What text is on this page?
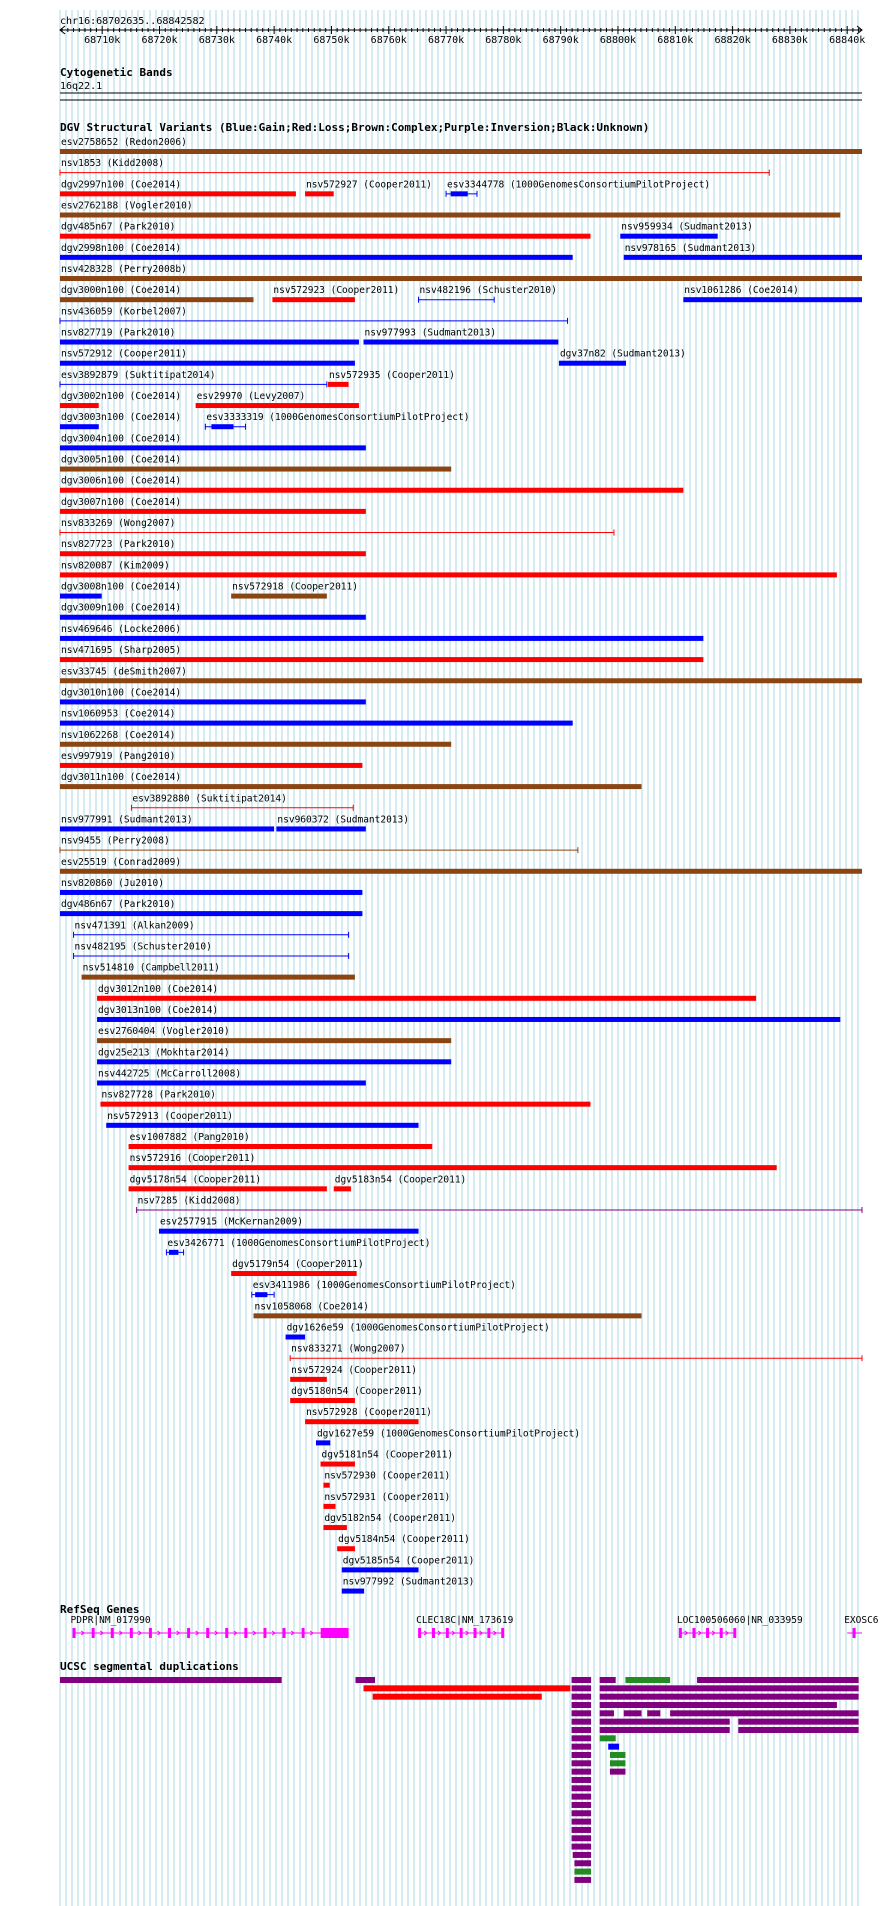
chr16:68702635..68842582
68710k 68720k 68730k 68740k 68750k 68760k 68770k 68780k 68790k 68800k 68810k 68820k 68830k 68840k
Cytogenetic Bands
16q22.1
DGV Structural Variants (Blue:Gain;Red:Loss;Brown:Complex;Purple:Inversion;Black:Unknown)
esv2758652 (Redon2006)
nsv1853 (Kidd2008)
dgv2997n100 (Coe2014)	nsv572927 (Cooper2011) esv3344778 (1000GenomesConsortiumPilotProject)
esv2762188 (Vogler2010)
dgv485n67 (Park2010)	nsv959934 (Sudmant2013)
dgv2998n100 (Coe2014)	nsv978165 (Sudmant2013)
nsv428328 (Perry2008b)
dgv3000n100 (Coe2014)	nsv572923 (Cooper2011) nsv482196 (Schuster2010)	nsv1061286 (Coe2014)
nsv436059 (Korbel2007)
nsv827719 (Park2010)	nsv977993 (Sudmant2013)
nsv572912 (Cooper2011)	dgv37n82 (Sudmant2013)
esv3892879 (Suktitipat2014)	nsv572935 (Cooper2011)
dgv3002n100 (Coe2014) esv29970 (Levy2007)
dgv3003n100 (Coe2014)	esv3333319 (1000GenomesConsortiumPilotProject)
dgv3004n100 (Coe2014)
dgv3005n100 (Coe2014)
dgv3006n100 (Coe2014)
dgv3007n100 (Coe2014)
nsv833269 (Wong2007)
nsv827723 (Park2010)
nsv820087 (Kim2009)
dgv3008n100 (Coe2014)	nsv572918 (Cooper2011)
dgv3009n100 (Coe2014)
nsv469646 (Locke2006)
nsv471695 (Sharp2005)
esv33745 (deSmith2007)
dgv3010n100 (Coe2014)
nsv1060953 (Coe2014)
nsv1062268 (Coe2014)
esv997919 (Pang2010)
dgv3011n100 (Coe2014)
esv3892880 (Suktitipat2014)
nsv977991 (Sudmant2013)	nsv960372 (Sudmant2013)
nsv9455 (Perry2008)
esv25519 (Conrad2009)
nsv820860 (Ju2010)
dgv486n67 (Park2010)
nsv471391 (Alkan2009)
nsv482195 (Schuster2010)
nsv514810 (Campbell2011)
dgv3012n100 (Coe2014)
dgv3013n100 (Coe2014)
esv2760404 (Vogler2010)
dgv25e213 (Mokhtar2014)
nsv442725 (McCarroll2008)
nsv827728 (Park2010)
nsv572913 (Cooper2011)
esv1007882 (Pang2010)
nsv572916 (Cooper2011)
dgv5178n54 (Cooper2011)	dgv5183n54 (Cooper2011)
nsv7285 (Kidd2008)
esv2577915 (McKernan2009)
esv3426771 (1000GenomesConsortiumPilotProject)
dgv5179n54 (Cooper2011)
esv3411986 (1000GenomesConsortiumPilotProject)
nsv1058068 (Coe2014)
dgv1626e59 (1000GenomesConsortiumPilotProject)
nsv833271 (Wong2007)
nsv572924 (Cooper2011)
dgv5180n54 (Cooper2011)
nsv572928 (Cooper2011)
dgv1627e59 (1000GenomesConsortiumPilotProject)
dgv5181n54 (Cooper2011)
nsv572930 (Cooper2011)
nsv572931 (Cooper2011)
dgv5182n54 (Cooper2011)
dgv5184n54 (Cooper2011)
dgv5185n54 (Cooper2011)
nsv977992 (Sudmant2013)
RefSeq Genes
PDPR|NM_017990	CLEC18C|NM_173619	LOC100506060|NR_033959	EXOSC6
UCSC segmental duplications
